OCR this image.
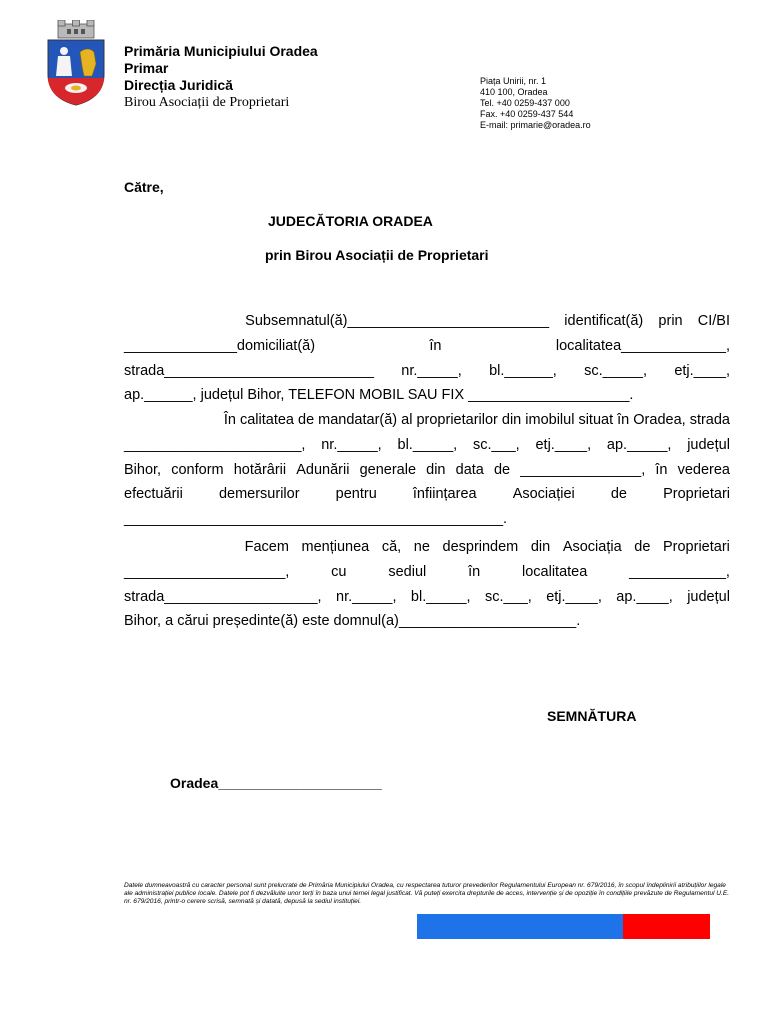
Primăria Municipiului Oradea
Primar
Direcția Juridică
Birou Asociații de Proprietari
Piața Unirii, nr. 1
410 100, Oradea
Tel. +40 0259-437 000
Fax. +40 0259-437 544
E-mail: primarie@oradea.ro
Către,
JUDECĂTORIA ORADEA
prin Birou Asociații de Proprietari
Subsemnatul(ă)_________________________ identificat(ă) prin CI/BI
______________domiciliat(ă)	în	localitatea_____________,
strada__________________________ nr._____, bl.______, sc._____, etj.____,
ap.______, județul Bihor, TELEFON MOBIL SAU FIX ____________________.
În calitatea de mandatar(ă) al proprietarilor din imobilul situat în Oradea, strada
______________________, nr._____, bl._____, sc.___, etj.____, ap._____, județul
Bihor, conform hotărârii Adunării generale din data de _______________, în vederea
efectuării demersurilor pentru înființarea Asociației de Proprietari
_______________________________________________.
Facem mențiunea că, ne desprindem din Asociația de Proprietari
____________________,	cu	sediul	în	localitatea	____________,
strada___________________, nr._____, bl._____, sc.___, etj.____, ap.____, județul
Bihor, a cărui președinte(ă) este domnul(a)______________________.
SEMNĂTURA
Oradea_____________________
Datele dumneavoastră cu caracter personal sunt prelucrate de Primăria Municipiului Oradea, cu respectarea tuturor prevederilor Regulamentului European nr. 679/2016, în scopul îndeplinirii atribuțiilor legale ale administrației publice locale. Datele pot fi dezvăluite unor terți în baza unui temei legal justificat. Vă puteți exercita drepturile de acces, intervenție și de opoziție în condițiile prevăzute de Regulamentul U.E. nr. 679/2016, printr-o cerere scrisă, semnată și datată, depusă la sediul instituției.
